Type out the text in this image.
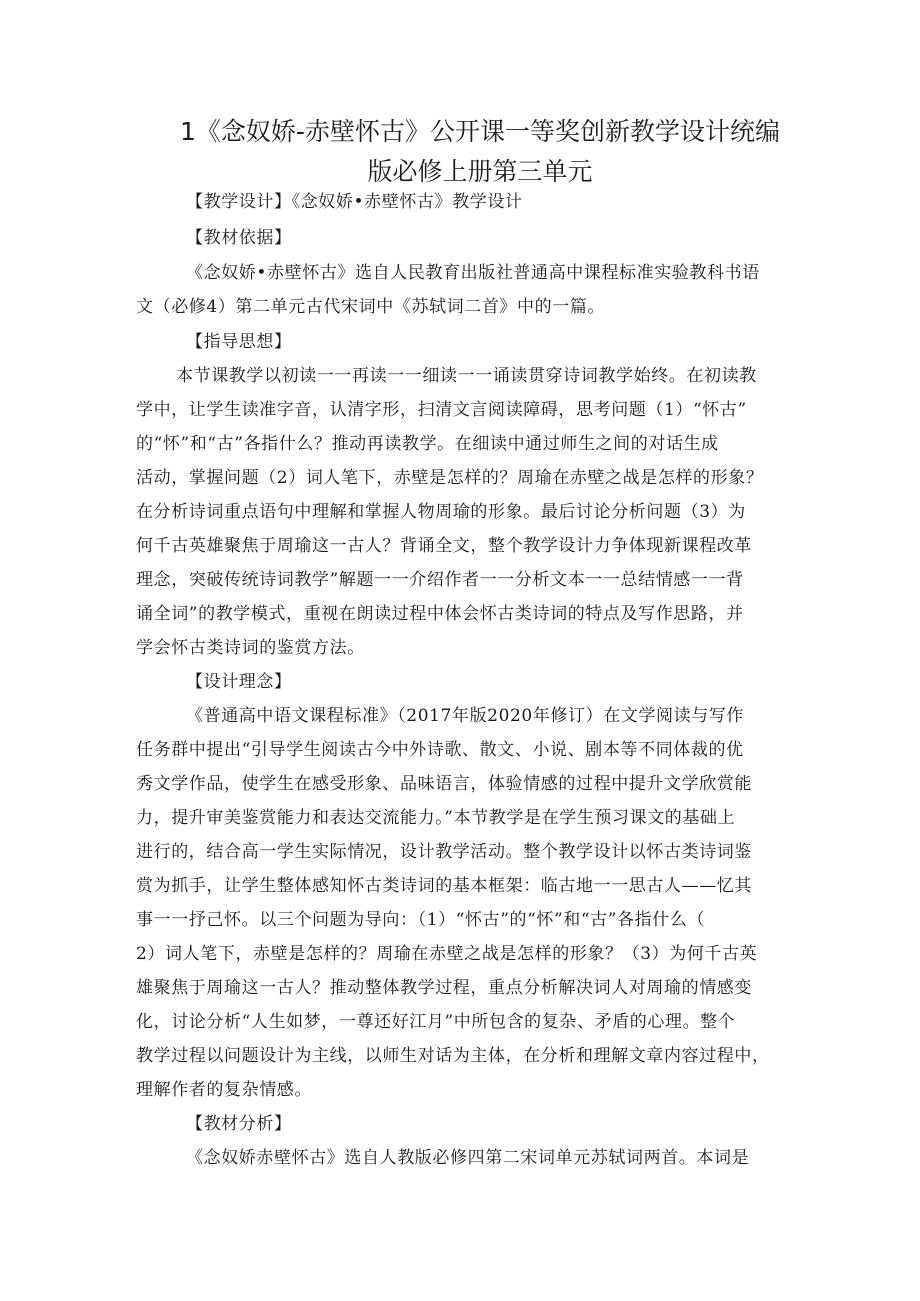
1《念奴娇-赤壁怀古》公开课一等奖创新教学设计统编
版必修上册第三单元
【教学设计】《念奴娇•赤壁怀古》教学设计
【教材依据】
《念奴娇•赤壁怀古》选自人民教育出版社普通高中课程标准实验教科书语
文（必修4）第二单元古代宋词中《苏轼词二首》中的一篇。
【指导思想】
本节课教学以初读一一再读一一细读一一诵读贯穿诗词教学始终。在初读教
学中，让学生读准字音，认清字形，扫清文言阅读障碍，思考问题（1）“怀古”
的“怀”和“古”各指什么？推动再读教学。在细读中通过师生之间的对话生成
活动，掌握问题（2）词人笔下，赤壁是怎样的？周瑜在赤壁之战是怎样的形象？
在分析诗词重点语句中理解和掌握人物周瑜的形象。最后讨论分析问题（3）为
何千古英雄聚焦于周瑜这一古人？背诵全文，整个教学设计力争体现新课程改革
理念，突破传统诗词教学”解题一一介绍作者一一分析文本一一总结情感一一背
诵全词”的教学模式，重视在朗读过程中体会怀古类诗词的特点及写作思路，并
学会怀古类诗词的鉴赏方法。
【设计理念】
《普通高中语文课程标准》（2017年版2020年修订）在文学阅读与写作
任务群中提出“引导学生阅读古今中外诗歌、散文、小说、剧本等不同体裁的优
秀文学作品，使学生在感受形象、品味语言，体验情感的过程中提升文学欣赏能
力，提升审美鉴赏能力和表达交流能力。”本节教学是在学生预习课文的基础上
进行的，结合高一学生实际情况，设计教学活动。整个教学设计以怀古类诗词鉴
赏为抓手，让学生整体感知怀古类诗词的基本框架：临古地一一思古人——忆其
事一一抒己怀。以三个问题为导向：（1）“怀古”的“怀”和“古”各指什么（
2）词人笔下，赤壁是怎样的？周瑜在赤壁之战是怎样的形象？（3）为何千古英
雄聚焦于周瑜这一古人？推动整体教学过程，重点分析解决词人对周瑜的情感变
化，讨论分析“人生如梦，一尊还好江月”中所包含的复杂、矛盾的心理。整个
教学过程以问题设计为主线，以师生对话为主体，在分析和理解文章内容过程中，
理解作者的复杂情感。
【教材分析】
《念奴娇赤壁怀古》选自人教版必修四第二宋词单元苏轼词两首。本词是
